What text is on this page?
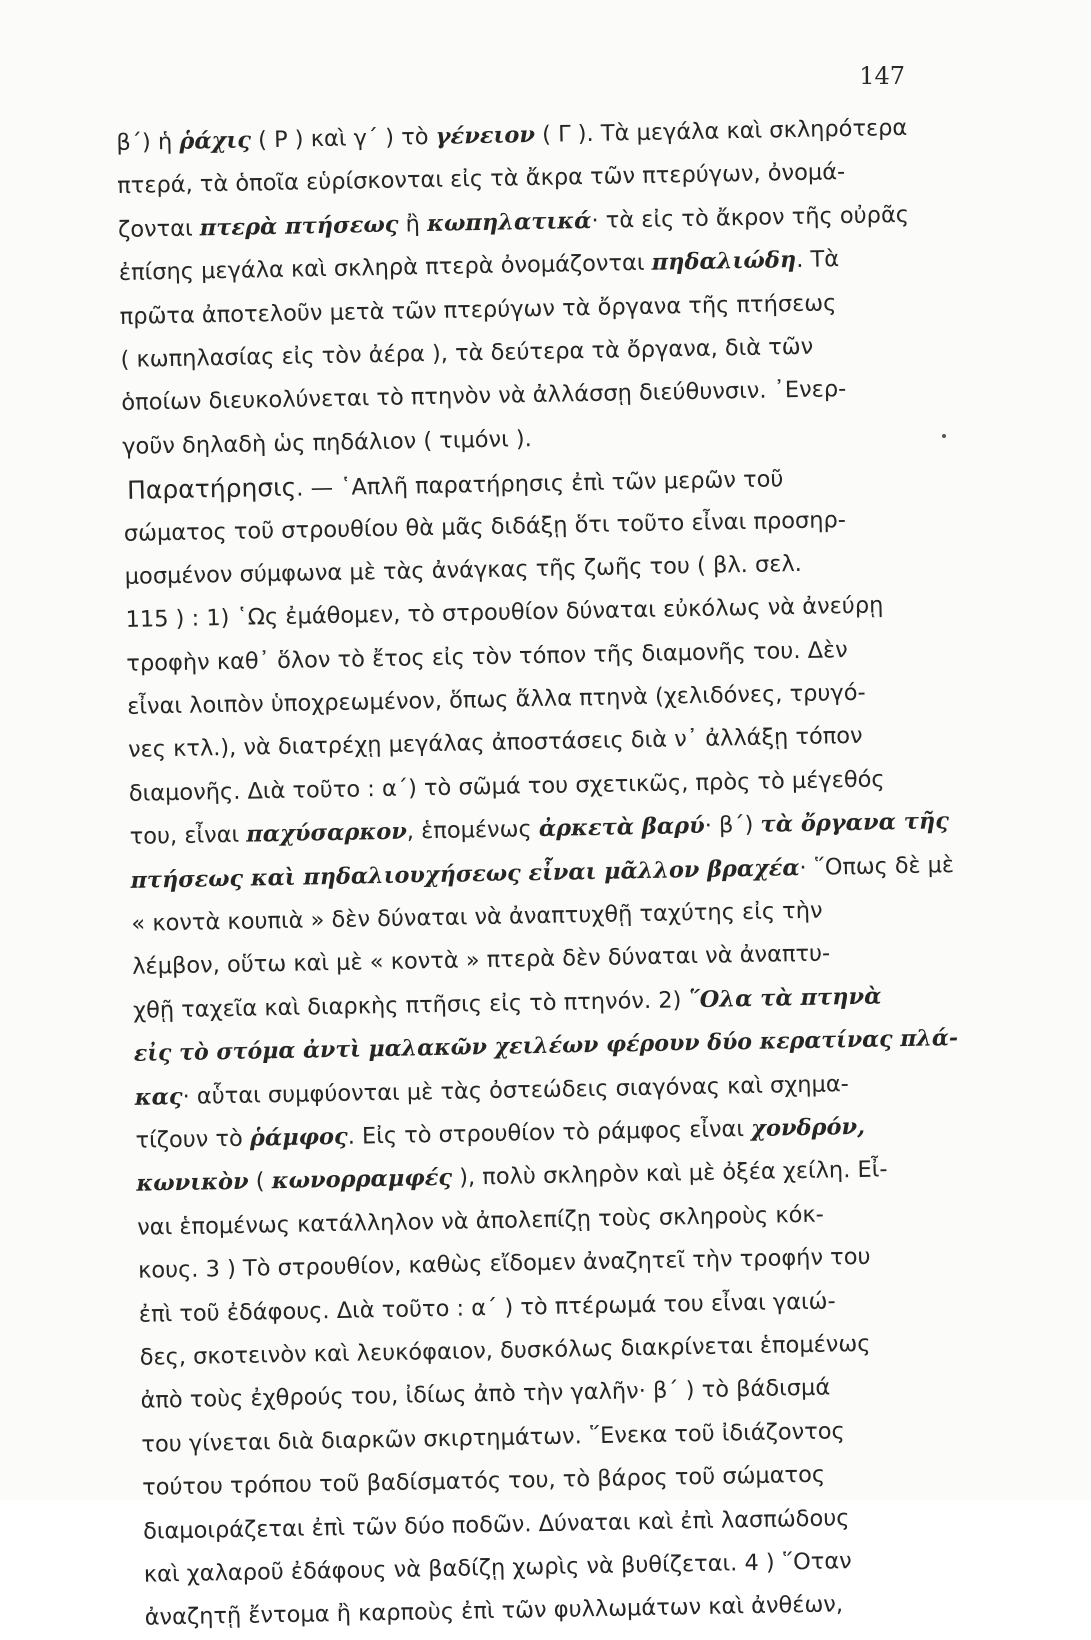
147
β΄) ἡ ῥάχις ( Ρ ) καὶ γ΄ ) τὸ γένειον ( Γ ). Τὰ μεγάλα καὶ σκληρότερα
πτερά, τὰ ὁποῖα εὑρίσκονται εἰς τὰ ἄκρα τῶν πτερύγων, ὀνομά-
ζονται πτερὰ πτήσεως ἢ κωπηλατικά· τὰ εἰς τὸ ἄκρον τῆς οὐρᾶς
ἐπίσης μεγάλα καὶ σκληρὰ πτερὰ ὀνομάζονται πηδαλιώδη. Τὰ
πρῶτα ἀποτελοῦν μετὰ τῶν πτερύγων τὰ ὄργανα τῆς πτήσεως
( κωπηλασίας εἰς τὸν ἀέρα ), τὰ δεύτερα τὰ ὄργανα, διὰ τῶν
ὁποίων διευκολύνεται τὸ πτηνὸν νὰ ἀλλάσσῃ διεύθυνσιν. ᾿Ενερ-
γοῦν δηλαδὴ ὡς πηδάλιον ( τιμόνι ).
Παρατήρησις. — ῾Απλῆ παρατήρησις ἐπὶ τῶν μερῶν τοῦ
σώματος τοῦ στρουθίου θὰ μᾶς διδάξῃ ὅτι τοῦτο εἶναι προσηρ-
μοσμένον σύμφωνα μὲ τὰς ἀνάγκας τῆς ζωῆς του ( βλ. σελ.
115 ) : 1) ῾Ως ἐμάθομεν, τὸ στρουθίον δύναται εὐκόλως νὰ ἀνεύρῃ
τροφὴν καθ᾿ ὅλον τὸ ἔτος εἰς τὸν τόπον τῆς διαμονῆς του. Δὲν
εἶναι λοιπὸν ὑποχρεωμένον, ὅπως ἄλλα πτηνὰ (χελιδόνες, τρυγό-
νες κτλ.), νὰ διατρέχῃ μεγάλας ἀποστάσεις διὰ ν᾿ ἀλλάξῃ τόπον
διαμονῆς. Διὰ τοῦτο : α΄) τὸ σῶμά του σχετικῶς, πρὸς τὸ μέγεθός
του, εἶναι παχύσαρκον, ἑπομένως ἀρκετὰ βαρύ· β΄) τὰ ὄργανα τῆς
πτήσεως καὶ πηδαλιουχήσεως εἶναι μᾶλλον βραχέα· ῞Οπως δὲ μὲ
« κοντὰ κουπιὰ » δὲν δύναται νὰ ἀναπτυχθῇ ταχύτης εἰς τὴν
λέμβον, οὕτω καὶ μὲ « κοντὰ » πτερὰ δὲν δύναται νὰ ἀναπτυ-
χθῇ ταχεῖα καὶ διαρκὴς πτῆσις εἰς τὸ πτηνόν. 2) ῞Ολα τὰ πτηνὰ
εἰς τὸ στόμα ἀντὶ μαλακῶν χειλέων φέρουν δύο κερατίνας πλά-
κας· αὗται συμφύονται μὲ τὰς ὀστεώδεις σιαγόνας καὶ σχημα-
τίζουν τὸ ῥάμφος. Εἰς τὸ στρουθίον τὸ ράμφος εἶναι χονδρόν,
κωνικὸν ( κωνορραμφές ), πολὺ σκληρὸν καὶ μὲ ὀξέα χείλη. Εἶ-
ναι ἑπομένως κατάλληλον νὰ ἀπολεπίζῃ τοὺς σκληροὺς κόκ-
κους. 3 ) Τὸ στρουθίον, καθὼς εἴδομεν ἀναζητεῖ τὴν τροφήν του
ἐπὶ τοῦ ἐδάφους. Διὰ τοῦτο : α΄ ) τὸ πτέρωμά του εἶναι γαιώ-
δες, σκοτεινὸν καὶ λευκόφαιον, δυσκόλως διακρίνεται ἑπομένως
ἀπὸ τοὺς ἐχθρούς του, ἰδίως ἀπὸ τὴν γαλῆν· β΄ ) τὸ βάδισμά
του γίνεται διὰ διαρκῶν σκιρτημάτων. ῞Ενεκα τοῦ ἰδιάζοντος
τούτου τρόπου τοῦ βαδίσματός του, τὸ βάρος τοῦ σώματος
διαμοιράζεται ἐπὶ τῶν δύο ποδῶν. Δύναται καὶ ἐπὶ λασπώδους
καὶ χαλαροῦ ἐδάφους νὰ βαδίζῃ χωρὶς νὰ βυθίζεται. 4 ) ῞Οταν
ἀναζητῇ ἔντομα ἢ καρποὺς ἐπὶ τῶν φυλλωμάτων καὶ ἀνθέων,
